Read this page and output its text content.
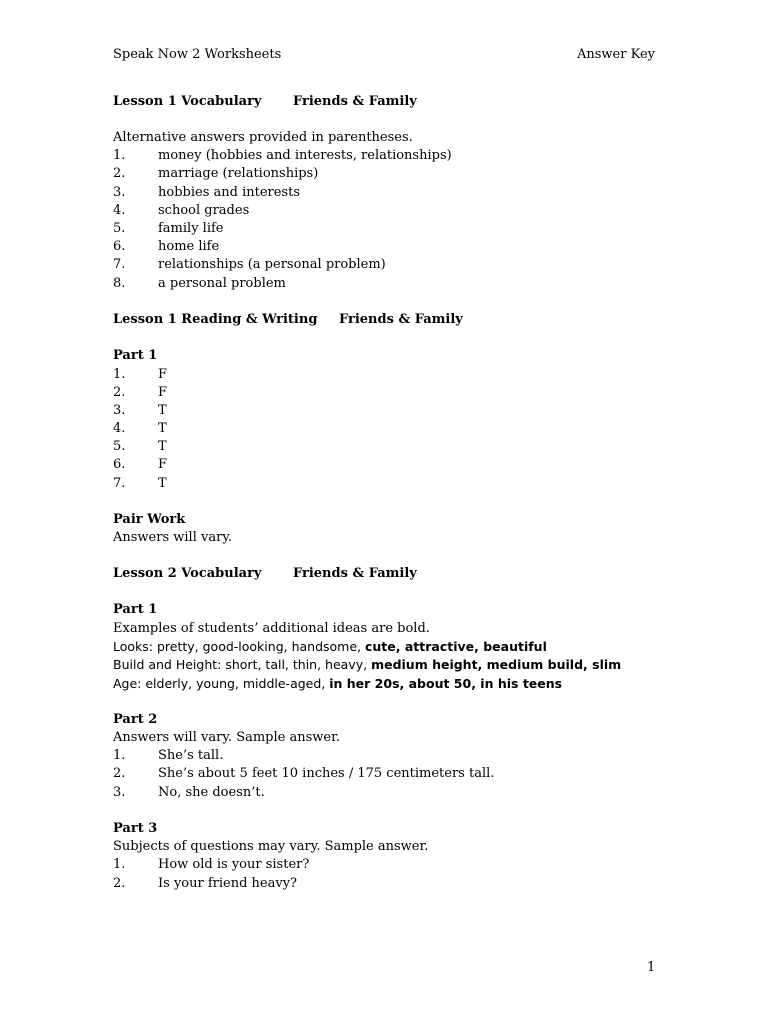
Speak Now 2 Worksheets	Answer Key
Lesson 1 Vocabulary Friends & Family
Alternative answers provided in parentheses.
1.	money (hobbies and interests, relationships)
2.	marriage (relationships)
3.	hobbies and interests
4.	school grades
5.	family life
6.	home life
7.	relationships (a personal problem)
8.	a personal problem
Lesson 1 Reading & Writing Friends & Family
Part 1
1.	F
2.	F
3.	T
4.	T
5.	T
6.	F
7.	T
Pair Work
Answers will vary.
Lesson 2 Vocabulary Friends & Family
Part 1
Examples of students’ additional ideas are bold.
Looks: pretty, good-looking, handsome, cute, attractive, beautiful
Build and Height: short, tall, thin, heavy, medium height, medium build, slim
Age: elderly, young, middle-aged, in her 20s, about 50, in his teens
Part 2
Answers will vary. Sample answer.
1.	She’s tall.
2.	She’s about 5 feet 10 inches / 175 centimeters tall.
3.	No, she doesn’t.
Part 3
Subjects of questions may vary. Sample answer.
1.	How old is your sister?
2.	Is your friend heavy?
1
